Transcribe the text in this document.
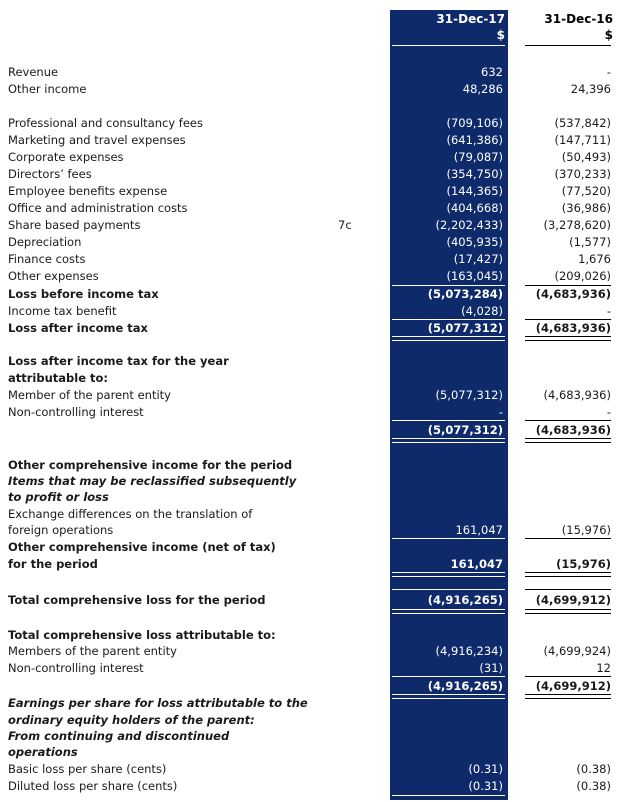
31-Dec-17
$
31-Dec-16
$
Revenue	632	-
Other income	48,286	24,396
Professional and consultancy fees	(709,106)	(537,842)
Marketing and travel expenses	(641,386)	(147,711)
Corporate expenses	(79,087)	(50,493)
Directors’ fees	(354,750)	(370,233)
Employee benefits expense	(144,365)	(77,520)
Office and administration costs	(404,668)	(36,986)
Share based payments	7c	(2,202,433)	(3,278,620)
Depreciation	(405,935)	(1,577)
Finance costs	(17,427)	1,676
Other expenses	(163,045)	(209,026)
Loss before income tax	(5,073,284)	(4,683,936)
Income tax benefit	(4,028)	-
Loss after income tax	(5,077,312)	(4,683,936)
Loss after income tax for the year
attributable to:
Member of the parent entity	(5,077,312)	(4,683,936)
Non-controlling interest	-	-
(5,077,312)	(4,683,936)
Other comprehensive income for the period
Items that may be reclassified subsequently
to profit or loss
Exchange differences on the translation of
foreign operations	161,047	(15,976)
Other comprehensive income (net of tax)
for the period	161,047	(15,976)
Total comprehensive loss for the period	(4,916,265)	(4,699,912)
Total comprehensive loss attributable to:
Members of the parent entity	(4,916,234)	(4,699,924)
Non-controlling interest	(31)	12
(4,916,265)	(4,699,912)
Earnings per share for loss attributable to the
ordinary equity holders of the parent:
From continuing and discontinued
operations
Basic loss per share (cents)	(0.31)	(0.38)
Diluted loss per share (cents)	(0.31)	(0.38)
